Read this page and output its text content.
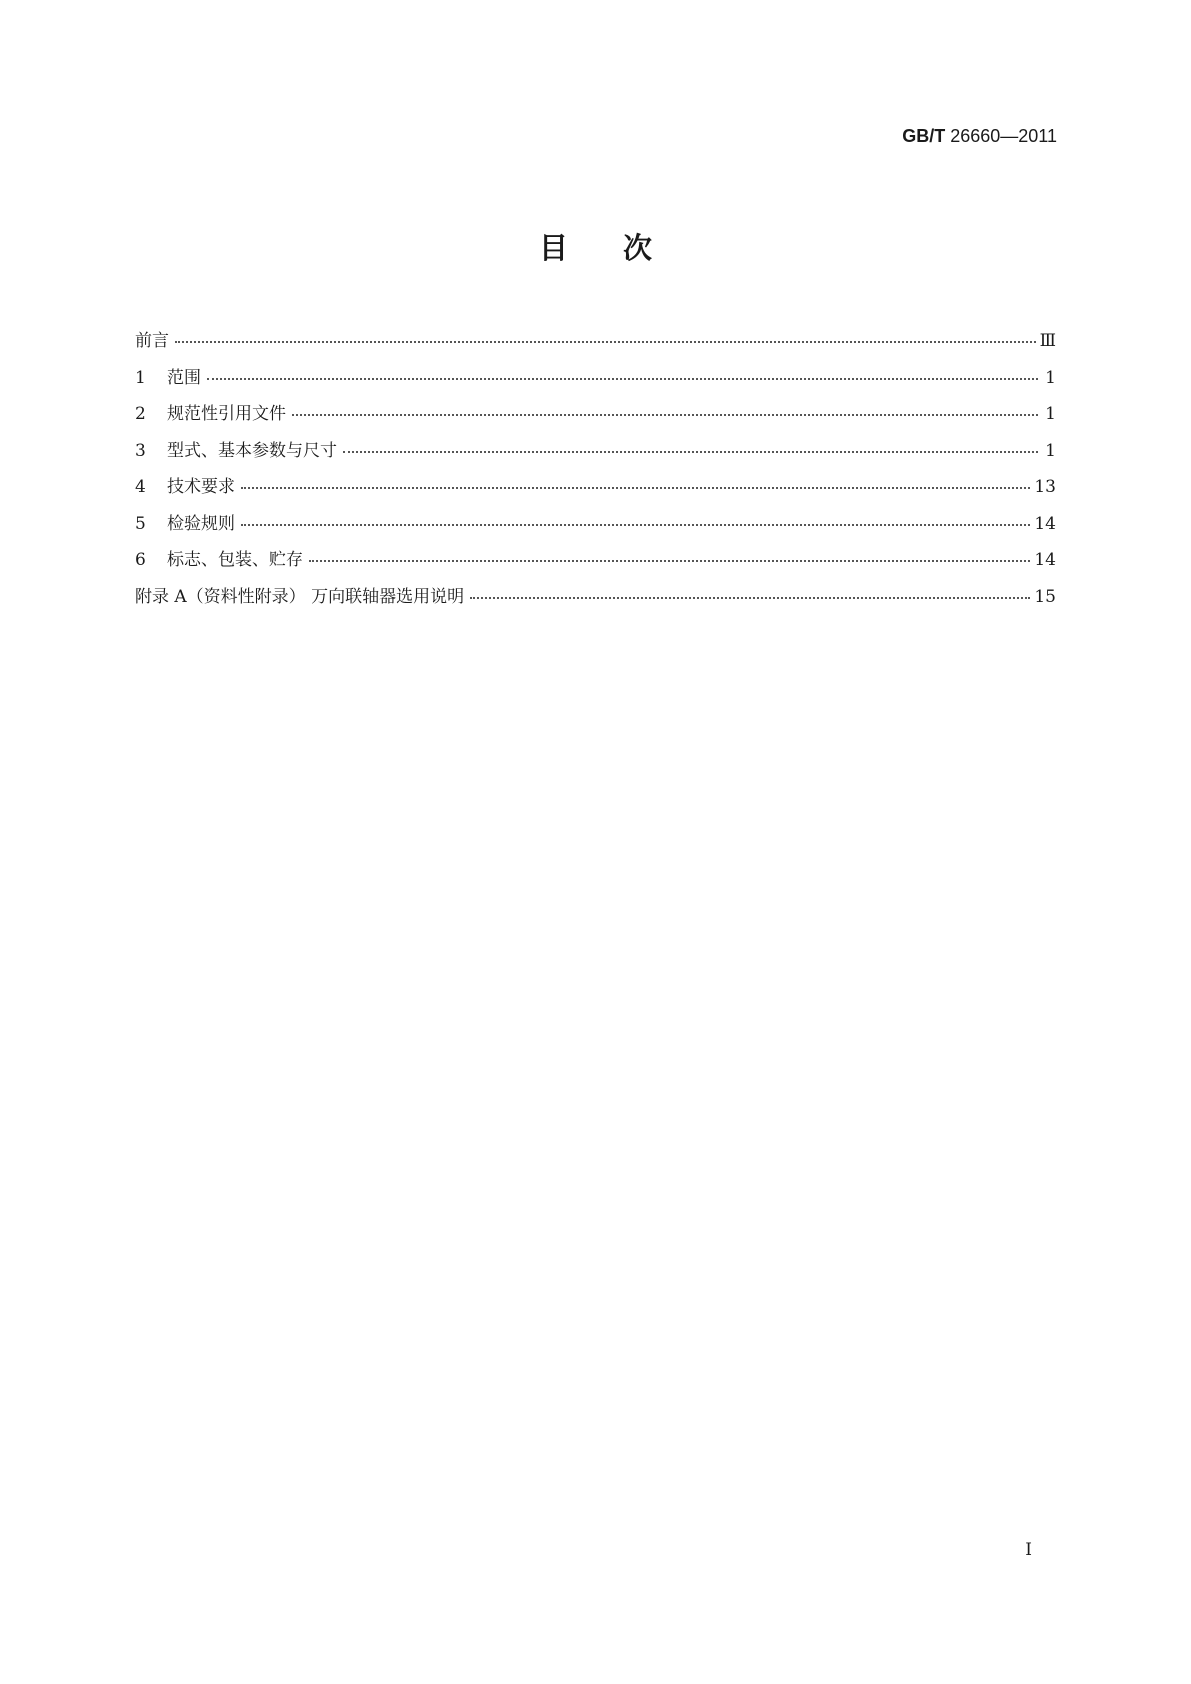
GB/T 26660—2011
目次
前言	Ⅲ
1	范围	1
2	规范性引用文件	1
3	型式、基本参数与尺寸	1
4	技术要求	13
5	检验规则	14
6	标志、包装、贮存	14
附录 A（资料性附录） 万向联轴器选用说明	15
I
